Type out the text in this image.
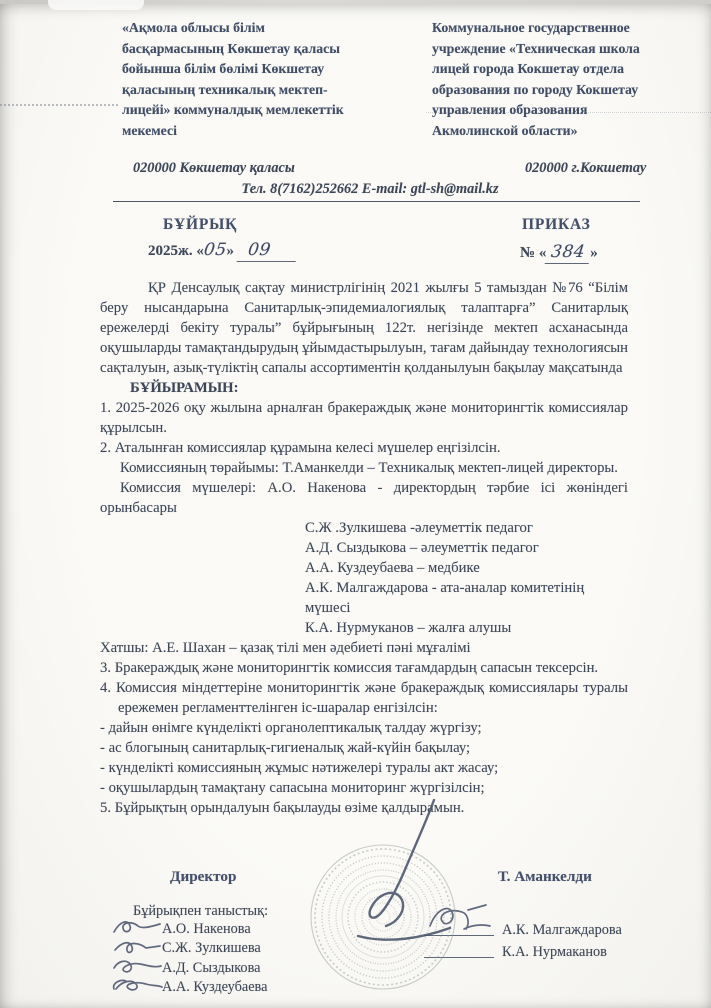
«Ақмола облысы білім
басқармасының Көкшетау қаласы
бойынша білім бөлімі Көкшетау
қаласының техникалық мектеп-
лицейі» коммуналдық мемлекеттік
мекемесі
Коммунальное государственное
учреждение «Техническая школа
лицей города Кокшетау отдела
образования по городу Кокшетау
управления образования
Акмолинской области»
020000 Көкшетау қаласы	020000 г.Кокшетау
Тел. 8(7162)252662 E-mail: gtl-sh@mail.kz
БҰЙРЫҚ	ПРИКАЗ
2025ж. «05» 09	№ « 384 »

ҚР Денсаулық сақтау министрлігінің 2021 жылғы 5 тамыздан №76 “Білім беру нысандарына Санитарлық-эпидемиалогиялық талаптарға” Санитарлық ережелерді бекіту туралы” бұйрығының 122т. негізінде мектеп асханасында оқушыларды тамақтандырудың ұйымдастырылуын, тағам дайындау технологиясын сақталуын, азық-түліктің сапалы ассортиментін қолданылуын бақылау мақсатында

БҰЙЫРАМЫН:

1. 2025-2026 оқу жылына арналған бракераждық және мониторингтік комиссиялар құрылсын.

2. Аталынған комиссиялар құрамына келесі мүшелер еңгізілсін.

Комиссияның төрайымы: Т.Аманкелди – Техникалық мектеп-лицей директоры.

Комиссия мүшелері: А.О. Накенова - директордың тәрбие ісі жөніндегі орынбасары

С.Ж .Зулкишева -әлеуметтік педагог
А.Д. Сыздыкова – әлеуметтік педагог
А.А. Куздеубаева – медбике
А.К. Малгаждарова - ата-аналар комитетінің мүшесі
К.А. Нурмуканов – жалға алушы

Хатшы: А.Е. Шахан – қазақ тілі мен әдебиеті пәні мұғалімі

3. Бракераждық және мониторингтік комиссия тағамдардың сапасын тексерсін.

4. Комиссия міндеттеріне мониторингтік және бракераждық комиссиялары туралы ережемен регламенттелінген іс-шаралар енгізілсін:

- дайын өнімге күнделікті органолептикалық талдау жүргізу;
- ас блогының санитарлық-гигиеналық жай-күйін бақылау;
- күнделікті комиссияның жұмыс нәтижелері туралы акт жасау;
- оқушылардың тамақтану сапасына мониторинг жүргізілсін;

5. Бұйрықтың орындалуын бақылауды өзіме қалдырамын.

Директор	Т. Аманкелди
Бұйрықпен таныстық:
А.О. Накенова
С.Ж. Зулкишева
А.Д. Сыздыкова
А.А. Куздеубаева
А.К. Малгаждарова
К.А. Нурмаканов
